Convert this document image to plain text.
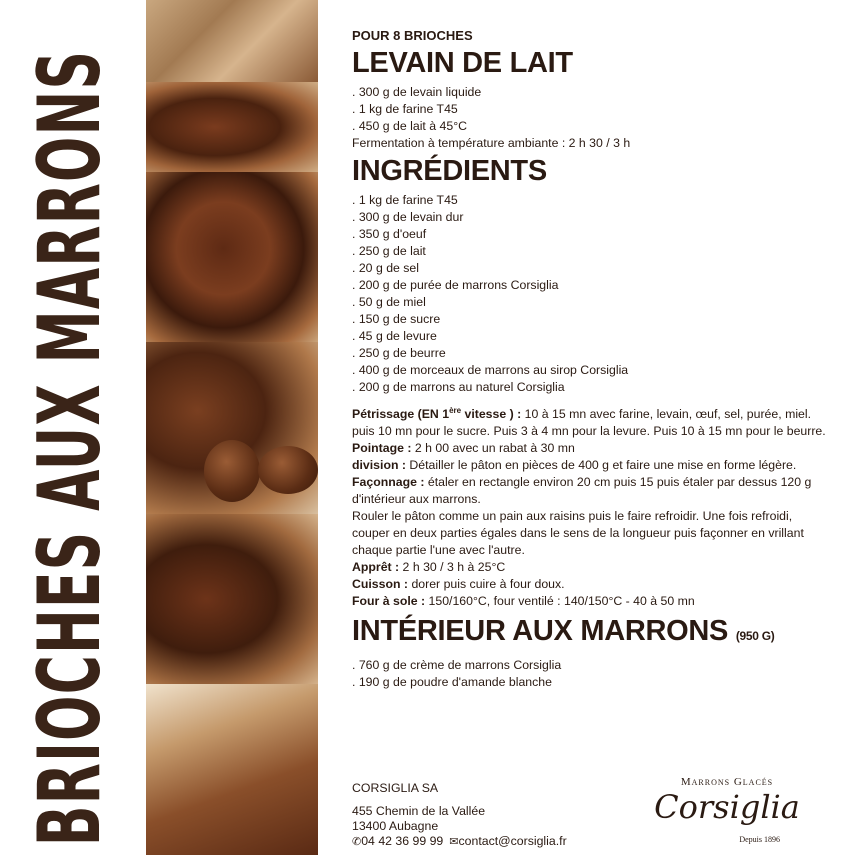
BRIOCHES AUX MARRONS

POUR 8 BRIOCHES

LEVAIN DE LAIT
. 300 g de levain liquide
. 1 kg de farine T45
. 450 g de lait à 45°C

Fermentation à température ambiante : 2 h 30 / 3 h

INGRÉDIENTS
. 1 kg de farine T45
. 300 g de levain dur
. 350 g d'oeuf
. 250 g de lait
. 20 g de sel
. 200 g de purée de marrons Corsiglia
. 50 g de miel
. 150 g de sucre
. 45 g de levure
. 250 g de beurre
. 400 g de morceaux de marrons au sirop Corsiglia
. 200 g de marrons au naturel Corsiglia

Pétrissage (EN 1ère vitesse ) : 10 à 15 mn avec farine, levain, œuf, sel, purée, miel. puis 10 mn pour le sucre. Puis 3 à 4 mn pour la levure. Puis 10 à 15 mn pour le beurre.

Pointage : 2 h 00 avec un rabat à 30 mn

division : Détailler le pâton en pièces de 400 g et faire une mise en forme légère.

Façonnage : étaler en rectangle environ 20 cm puis 15 puis étaler par dessus 120 g d'intérieur aux marrons.

Rouler le pâton comme un pain aux raisins puis le faire refroidir. Une fois refroidi, couper en deux parties égales dans le sens de la longueur puis façonner en vrillant chaque partie l'une avec l'autre.

Apprêt : 2 h 30 / 3 h à 25°C

Cuisson : dorer puis cuire à four doux.

Four à sole : 150/160°C, four ventilé : 140/150°C - 40 à 50 mn

INTÉRIEUR AUX MARRONS (950 G)
. 760 g de crème de marrons Corsiglia
. 190 g de poudre d'amande blanche

CORSIGLIA SA

455 Chemin de la Vallée

13400 Aubagne

✆04 42 36 99 99 ✉contact@corsiglia.fr

Marrons Glacés

Corsiglia

Depuis 1896
